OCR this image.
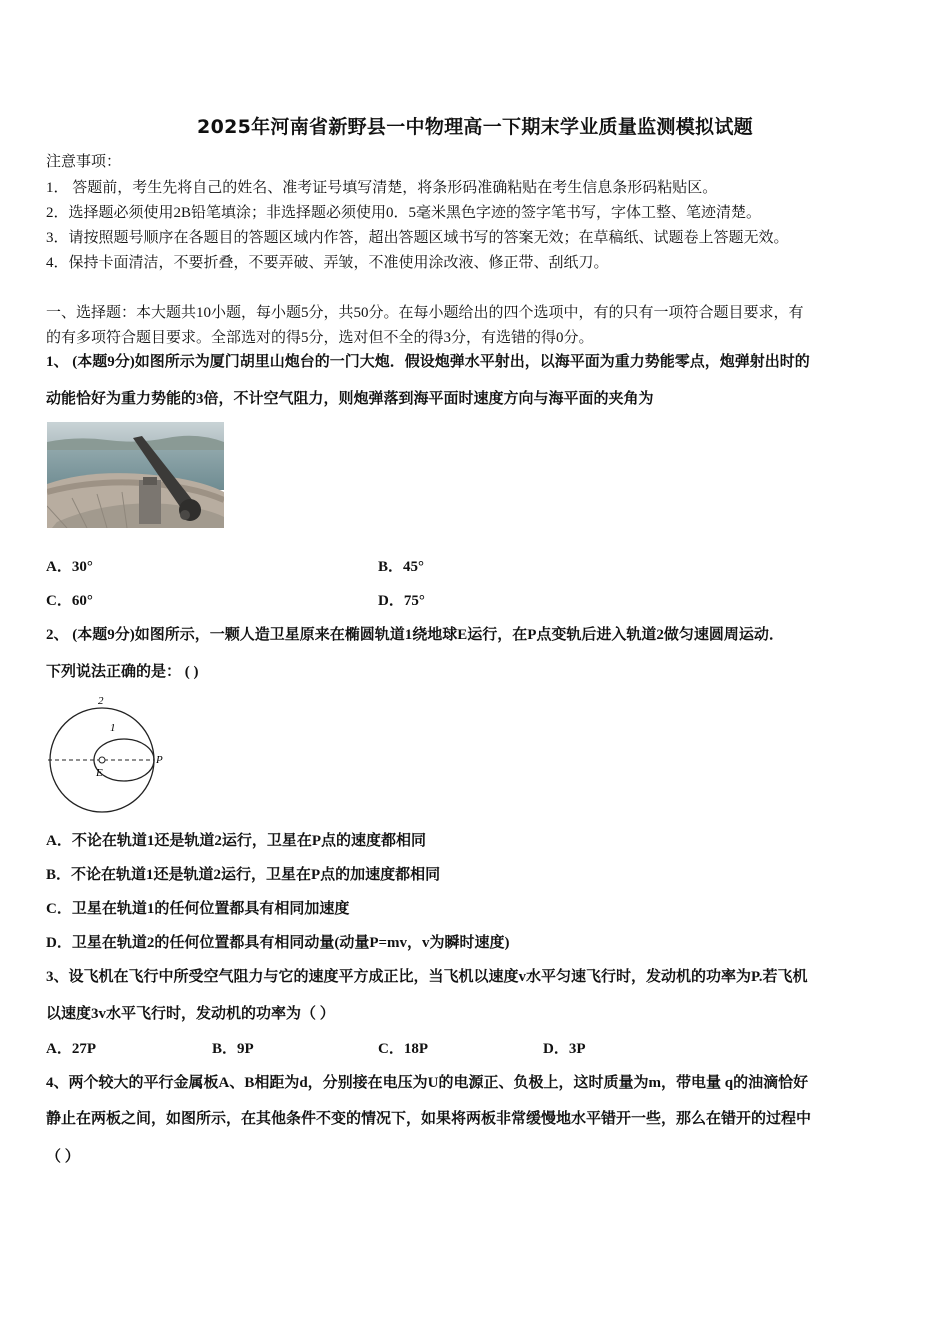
2025年河南省新野县一中物理高一下期末学业质量监测模拟试题
注意事项：
1． 答题前，考生先将自己的姓名、准考证号填写清楚，将条形码准确粘贴在考生信息条形码粘贴区。
2．选择题必须使用2B铅笔填涂；非选择题必须使用0．5毫米黑色字迹的签字笔书写，字体工整、笔迹清楚。
3．请按照题号顺序在各题目的答题区域内作答，超出答题区域书写的答案无效；在草稿纸、试题卷上答题无效。
4．保持卡面清洁，不要折叠，不要弄破、弄皱，不准使用涂改液、修正带、刮纸刀。
一、选择题：本大题共10小题，每小题5分，共50分。在每小题给出的四个选项中，有的只有一项符合题目要求，有
的有多项符合题目要求。全部选对的得5分，选对但不全的得3分，有选错的得0分。
1、 (本题9分)如图所示为厦门胡里山炮台的一门大炮．假设炮弹水平射出，以海平面为重力势能零点，炮弹射出时的
动能恰好为重力势能的3倍，不计空气阻力，则炮弹落到海平面时速度方向与海平面的夹角为
A．30°	B．45°
C．60°	D．75°
2、 (本题9分)如图所示，一颗人造卫星原来在椭圆轨道1绕地球E运行，在P点变轨后进入轨道2做匀速圆周运动．
下列说法正确的是： ( )
2
1
E
P
A．不论在轨道1还是轨道2运行，卫星在P点的速度都相同
B．不论在轨道1还是轨道2运行，卫星在P点的加速度都相同
C．卫星在轨道1的任何位置都具有相同加速度
D．卫星在轨道2的任何位置都具有相同动量(动量P=mv，v为瞬时速度)
3、设飞机在飞行中所受空气阻力与它的速度平方成正比，当飞机以速度v水平匀速飞行时，发动机的功率为P.若飞机
以速度3v水平飞行时，发动机的功率为（ ）
A．27P	B．9P	C．18P	D．3P
4、两个较大的平行金属板A、B相距为d，分别接在电压为U的电源正、负极上，这时质量为m，带电量 q的油滴恰好
静止在两板之间，如图所示，在其他条件不变的情况下，如果将两板非常缓慢地水平错开一些，那么在错开的过程中
（ ）
